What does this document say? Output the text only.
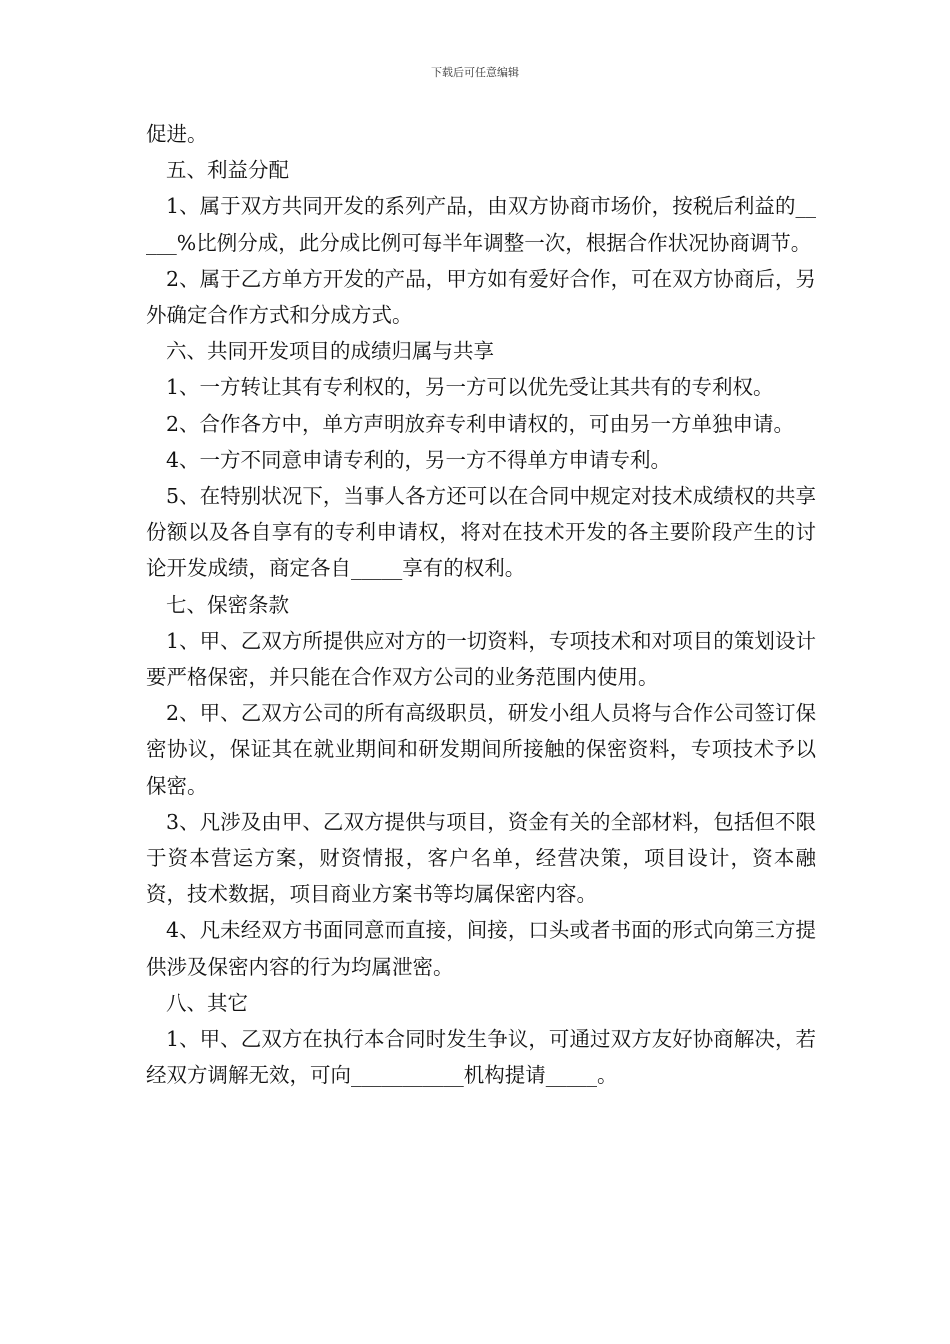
下载后可任意编辑

促进。

五、利益分配

1、属于双方共同开发的系列产品，由双方协商市场价，按税后利益的_____%比例分成，此分成比例可每半年调整一次，根据合作状况协商调节。

2、属于乙方单方开发的产品，甲方如有爱好合作，可在双方协商后，另外确定合作方式和分成方式。

六、共同开发项目的成绩归属与共享

1、一方转让其有专利权的，另一方可以优先受让其共有的专利权。

2、合作各方中，单方声明放弃专利申请权的，可由另一方单独申请。

4、一方不同意申请专利的，另一方不得单方申请专利。

5、在特别状况下，当事人各方还可以在合同中规定对技术成绩权的共享份额以及各自享有的专利申请权，将对在技术开发的各主要阶段产生的讨论开发成绩，商定各自_____享有的权利。

七、保密条款

1、甲、乙双方所提供应对方的一切资料，专项技术和对项目的策划设计要严格保密，并只能在合作双方公司的业务范围内使用。

2、甲、乙双方公司的所有高级职员，研发小组人员将与合作公司签订保密协议，保证其在就业期间和研发期间所接触的保密资料，专项技术予以保密。

3、凡涉及由甲、乙双方提供与项目，资金有关的全部材料，包括但不限于资本营运方案，财资情报，客户名单，经营决策，项目设计，资本融资，技术数据，项目商业方案书等均属保密内容。

4、凡未经双方书面同意而直接，间接，口头或者书面的形式向第三方提供涉及保密内容的行为均属泄密。

八、其它

1、甲、乙双方在执行本合同时发生争议，可通过双方友好协商解决，若经双方调解无效，可向___________机构提请_____。
